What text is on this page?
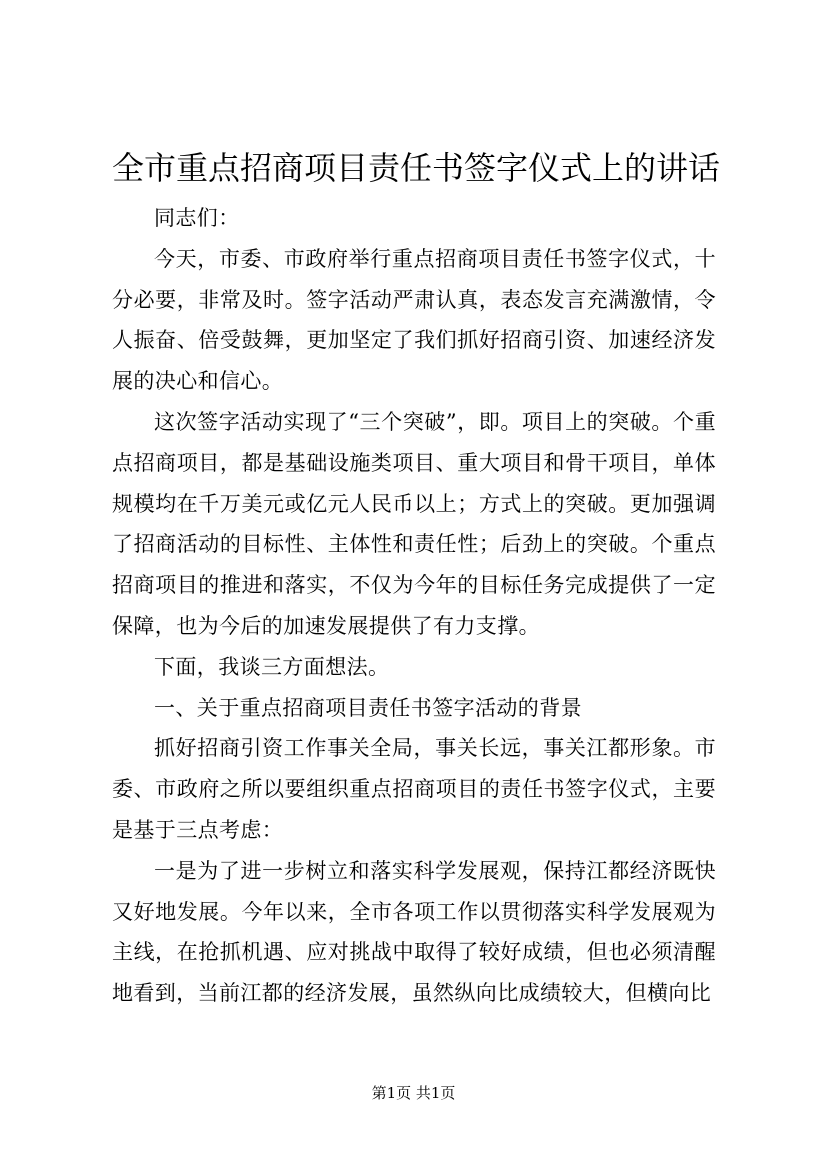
全市重点招商项目责任书签字仪式上的讲话

同志们：

今天，市委、市政府举行重点招商项目责任书签字仪式，十分必要，非常及时。签字活动严肃认真，表态发言充满激情，令人振奋、倍受鼓舞，更加坚定了我们抓好招商引资、加速经济发展的决心和信心。

这次签字活动实现了“三个突破”，即。项目上的突破。个重点招商项目，都是基础设施类项目、重大项目和骨干项目，单体规模均在千万美元或亿元人民币以上；方式上的突破。更加强调了招商活动的目标性、主体性和责任性；后劲上的突破。个重点招商项目的推进和落实，不仅为今年的目标任务完成提供了一定保障，也为今后的加速发展提供了有力支撑。

下面，我谈三方面想法。

一、关于重点招商项目责任书签字活动的背景

抓好招商引资工作事关全局，事关长远，事关江都形象。市委、市政府之所以要组织重点招商项目的责任书签字仪式，主要是基于三点考虑：

一是为了进一步树立和落实科学发展观，保持江都经济既快又好地发展。今年以来，全市各项工作以贯彻落实科学发展观为主线，在抢抓机遇、应对挑战中取得了较好成绩，但也必须清醒地看到，当前江都的经济发展，虽然纵向比成绩较大，但横向比

第1页 共1页
